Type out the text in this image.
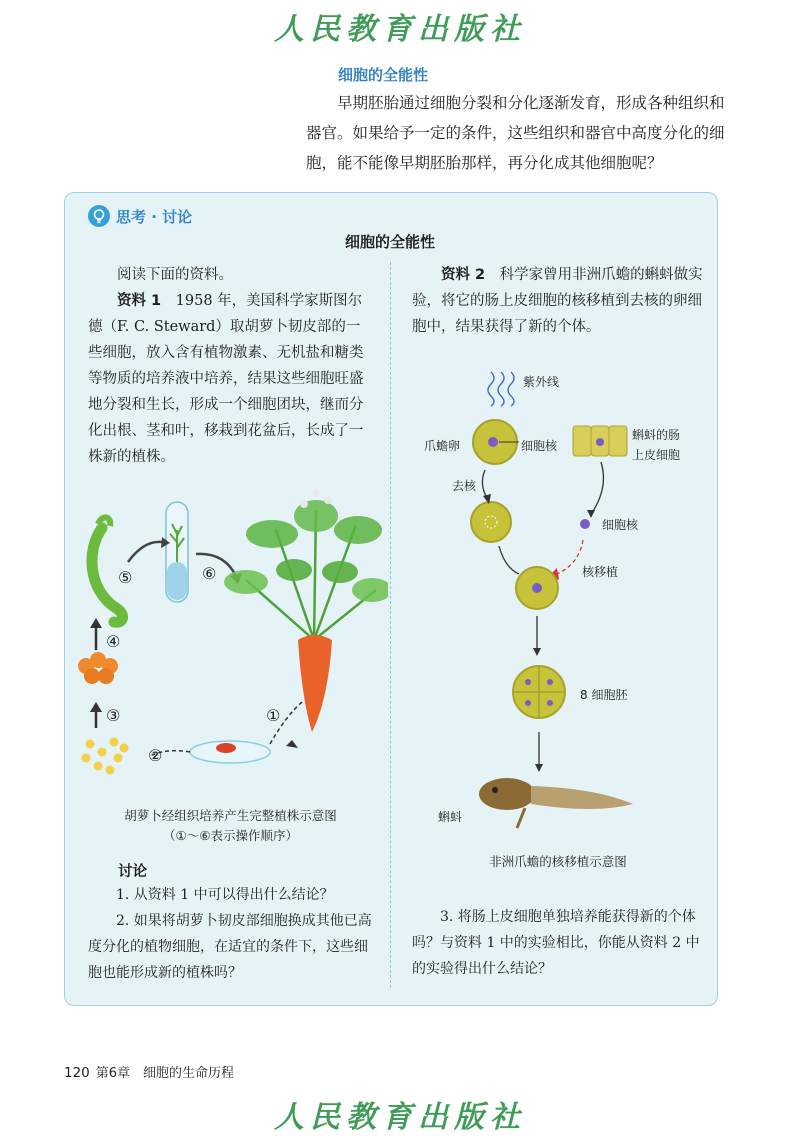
人民教育出版社
细胞的全能性

早期胚胎通过细胞分裂和分化逐渐发育，形成各种组织和器官。如果给予一定的条件，这些组织和器官中高度分化的细胞，能不能像早期胚胎那样，再分化成其他细胞呢？

思考 · 讨论
细胞的全能性

阅读下面的资料。

资料 1　 1958 年，美国科学家斯图尔德（F. C. Steward）取胡萝卜韧皮部的一些细胞，放入含有植物激素、无机盐和糖类等物质的培养液中培养，结果这些细胞旺盛地分裂和生长，形成一个细胞团块，继而分化出根、茎和叶，移栽到花盆后，长成了一株新的植株。

资料 2　 科学家曾用非洲爪蟾的蝌蚪做实验，将它的肠上皮细胞的核移植到去核的卵细胞中，结果获得了新的个体。

⑤	⑥
④
③	①
②
胡萝卜经组织培养产生完整植株示意图
（①～⑥表示操作顺序）
紫外线
爪蟾卵	细胞核
蝌蚪的肠
上皮细胞
去核
细胞核
核移植
8 细胞胚
蝌蚪
非洲爪蟾的核移植示意图
讨论

1. 从资料 1 中可以得出什么结论？

2. 如果将胡萝卜韧皮部细胞换成其他已高度分化的植物细胞，在适宜的条件下，这些细胞也能形成新的植株吗？

3. 将肠上皮细胞单独培养能获得新的个体吗？与资料 1 中的实验相比，你能从资料 2 中的实验得出什么结论？

120 第6章　细胞的生命历程
人民教育出版社
